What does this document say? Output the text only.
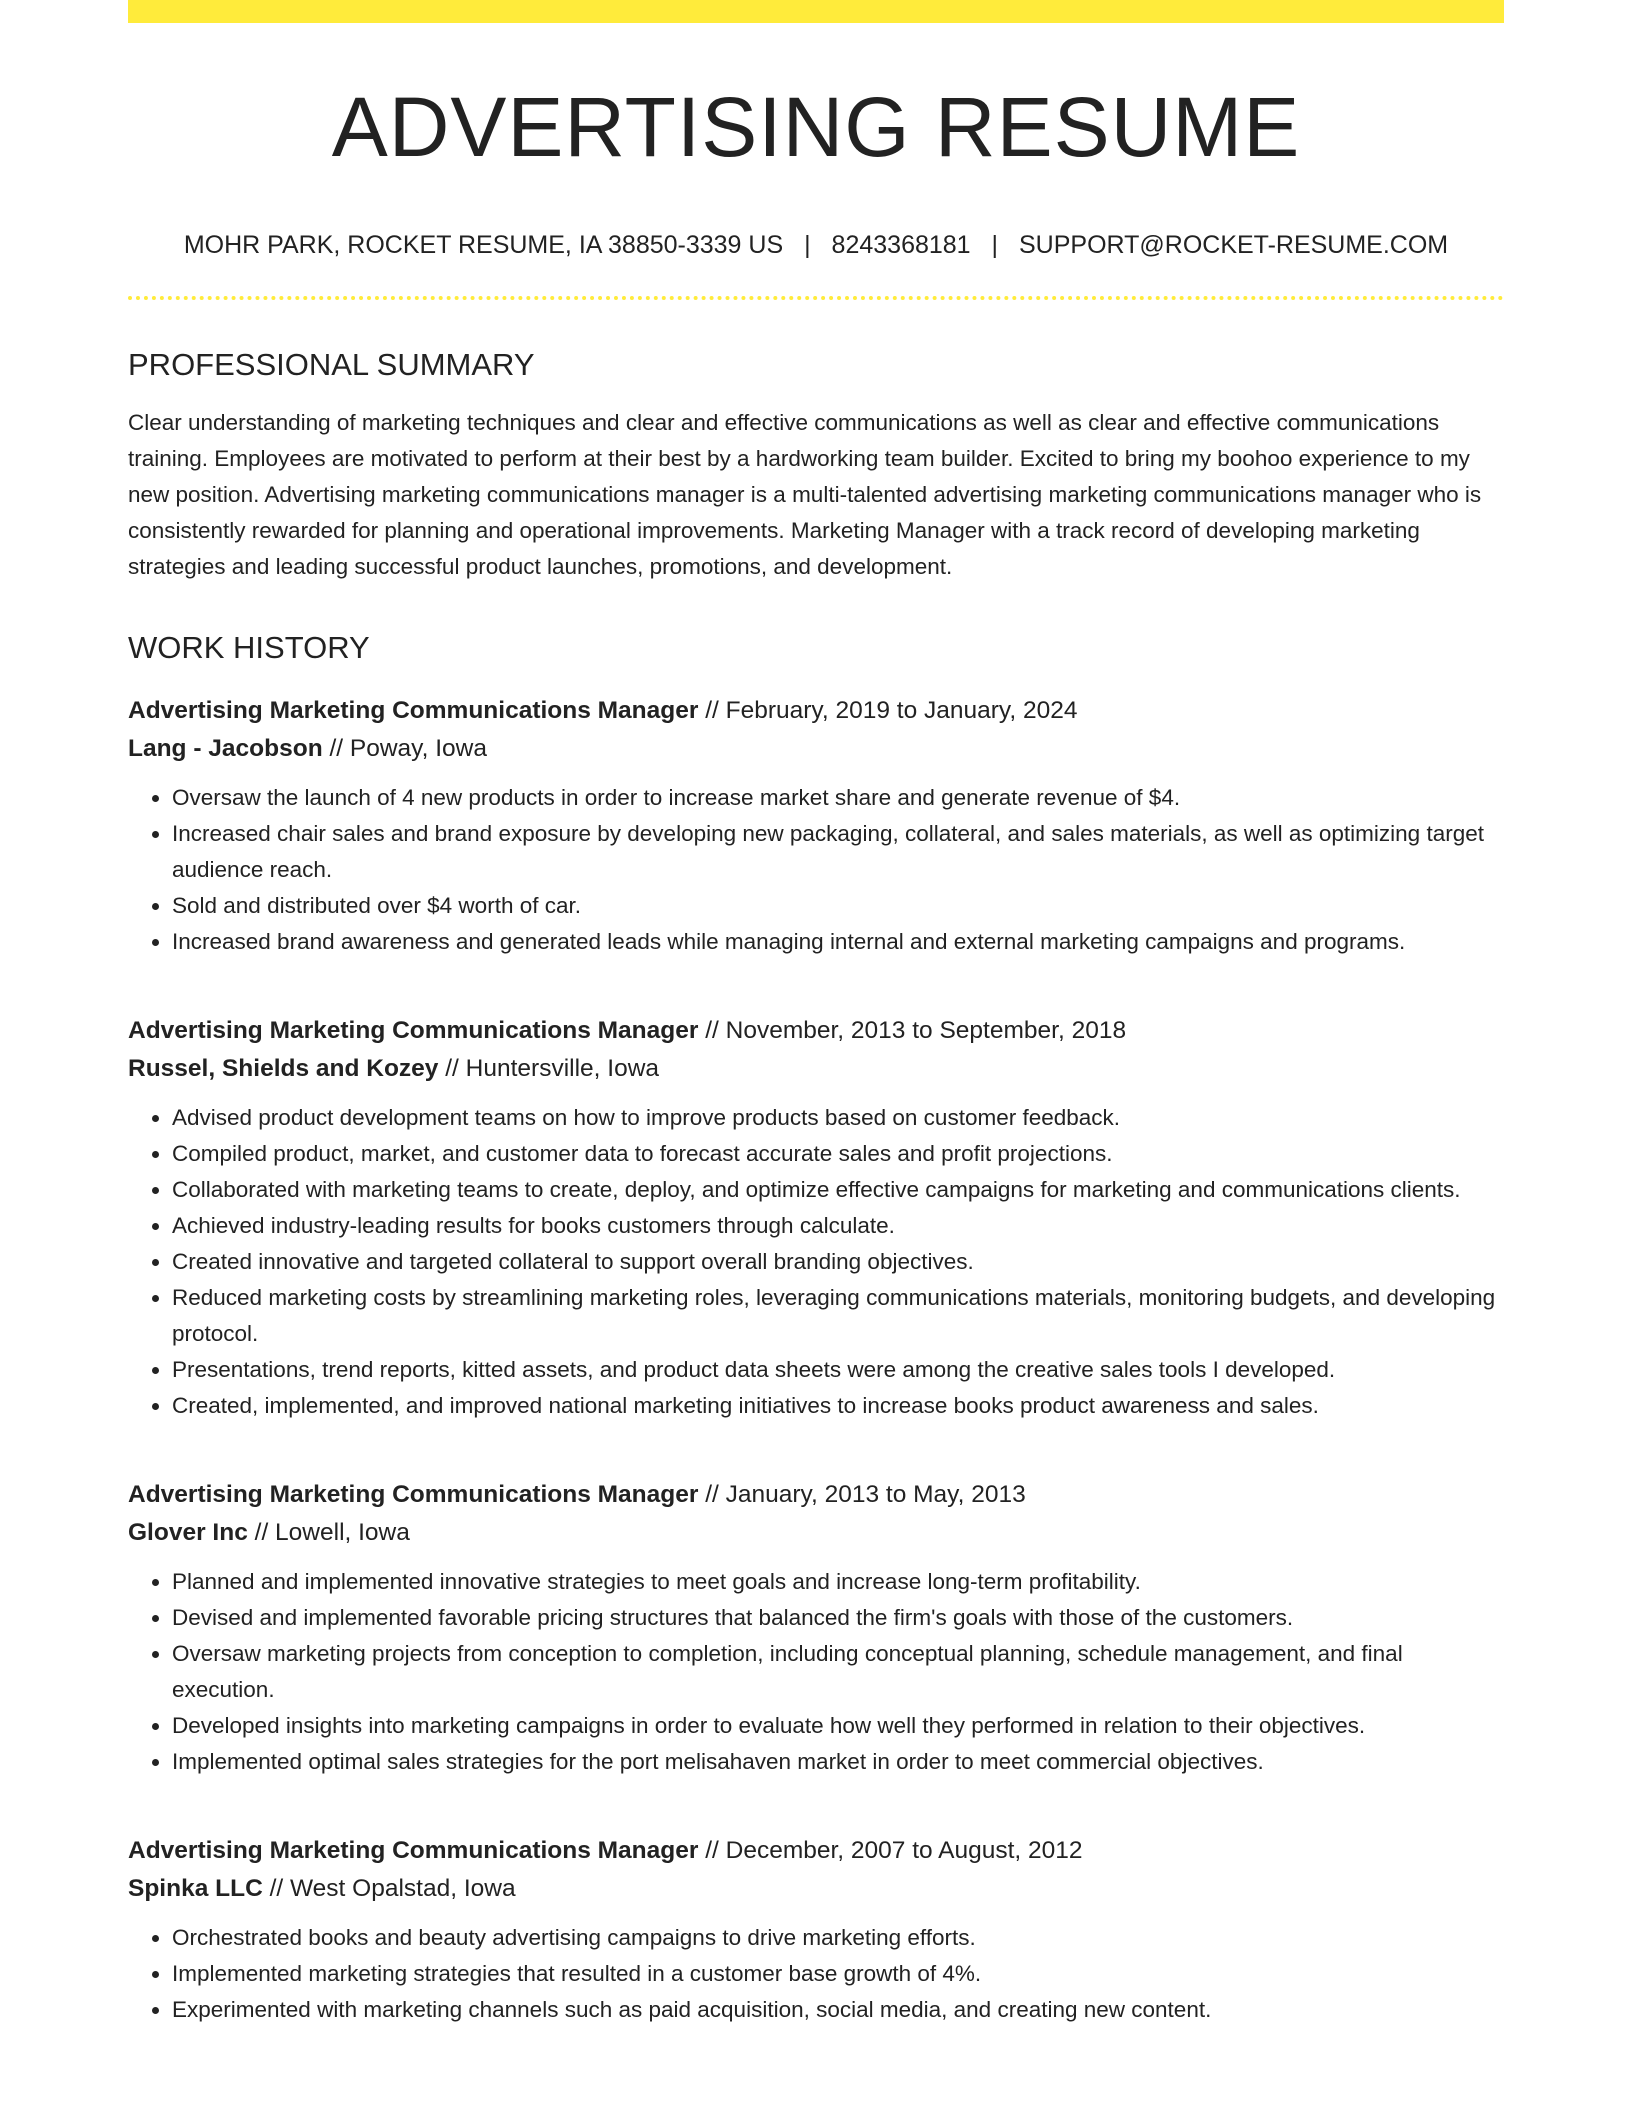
ADVERTISING RESUME
MOHR PARK, ROCKET RESUME, IA 38850-3339 US | 8243368181 | SUPPORT@ROCKET-RESUME.COM
PROFESSIONAL SUMMARY
Clear understanding of marketing techniques and clear and effective communications as well as clear and effective communications training. Employees are motivated to perform at their best by a hardworking team builder. Excited to bring my boohoo experience to my new position. Advertising marketing communications manager is a multi-talented advertising marketing communications manager who is consistently rewarded for planning and operational improvements. Marketing Manager with a track record of developing marketing strategies and leading successful product launches, promotions, and development.
WORK HISTORY
Advertising Marketing Communications Manager // February, 2019 to January, 2024
Lang - Jacobson // Poway, Iowa
• Oversaw the launch of 4 new products in order to increase market share and generate revenue of $4.
• Increased chair sales and brand exposure by developing new packaging, collateral, and sales materials, as well as optimizing target audience reach.
• Sold and distributed over $4 worth of car.
• Increased brand awareness and generated leads while managing internal and external marketing campaigns and programs.
Advertising Marketing Communications Manager // November, 2013 to September, 2018
Russel, Shields and Kozey // Huntersville, Iowa
• Advised product development teams on how to improve products based on customer feedback.
• Compiled product, market, and customer data to forecast accurate sales and profit projections.
• Collaborated with marketing teams to create, deploy, and optimize effective campaigns for marketing and communications clients.
• Achieved industry-leading results for books customers through calculate.
• Created innovative and targeted collateral to support overall branding objectives.
• Reduced marketing costs by streamlining marketing roles, leveraging communications materials, monitoring budgets, and developing protocol.
• Presentations, trend reports, kitted assets, and product data sheets were among the creative sales tools I developed.
• Created, implemented, and improved national marketing initiatives to increase books product awareness and sales.
Advertising Marketing Communications Manager // January, 2013 to May, 2013
Glover Inc // Lowell, Iowa
• Planned and implemented innovative strategies to meet goals and increase long-term profitability.
• Devised and implemented favorable pricing structures that balanced the firm's goals with those of the customers.
• Oversaw marketing projects from conception to completion, including conceptual planning, schedule management, and final execution.
• Developed insights into marketing campaigns in order to evaluate how well they performed in relation to their objectives.
• Implemented optimal sales strategies for the port melisahaven market in order to meet commercial objectives.
Advertising Marketing Communications Manager // December, 2007 to August, 2012
Spinka LLC // West Opalstad, Iowa
• Orchestrated books and beauty advertising campaigns to drive marketing efforts.
• Implemented marketing strategies that resulted in a customer base growth of 4%.
• Experimented with marketing channels such as paid acquisition, social media, and creating new content.
